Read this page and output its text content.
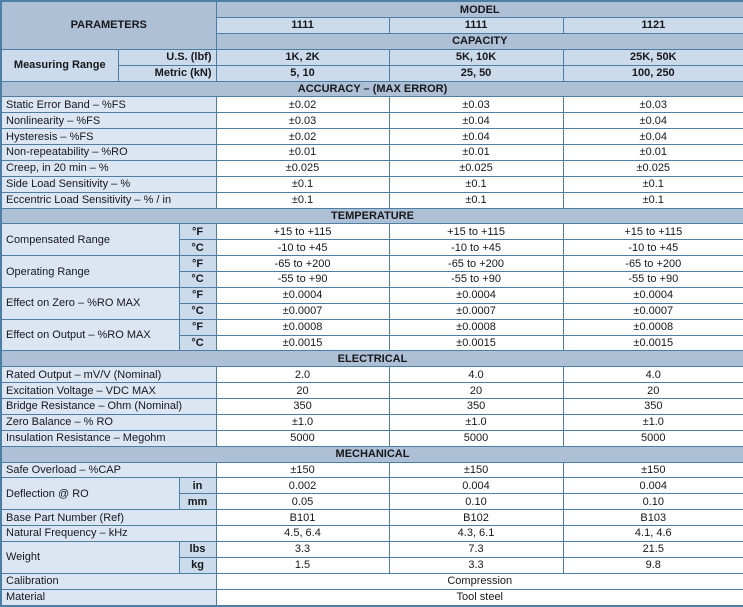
PARAMETERS			MODEL		
			1111	1111	1121
			CAPACITY		
Measuring Range	U.S. (lbf)		1K, 2K	5K, 10K	25K, 50K
	Metric (kN)		5, 10	25, 50	100, 250
ACCURACY – (MAX ERROR)					
Static Error Band – %FS			±0.02	±0.03	±0.03
Nonlinearity – %FS			±0.03	±0.04	±0.04
Hysteresis – %FS			±0.02	±0.04	±0.04
Non-repeatability – %RO			±0.01	±0.01	±0.01
Creep, in 20 min – %			±0.025	±0.025	±0.025
Side Load Sensitivity – %			±0.1	±0.1	±0.1
Eccentric Load Sensitivity – % / in			±0.1	±0.1	±0.1
TEMPERATURE					
Compensated Range		°F	+15 to +115	+15 to +115	+15 to +115
		°C	-10 to +45	-10 to +45	-10 to +45
Operating Range		°F	-65 to +200	-65 to +200	-65 to +200
		°C	-55 to +90	-55 to +90	-55 to +90
Effect on Zero – %RO MAX		°F	±0.0004	±0.0004	±0.0004
		°C	±0.0007	±0.0007	±0.0007
Effect on Output – %RO MAX		°F	±0.0008	±0.0008	±0.0008
		°C	±0.0015	±0.0015	±0.0015
ELECTRICAL					
Rated Output – mV/V (Nominal)			2.0	4.0	4.0
Excitation Voltage – VDC MAX			20	20	20
Bridge Resistance – Ohm (Nominal)			350	350	350
Zero Balance – % RO			±1.0	±1.0	±1.0
Insulation Resistance – Megohm			5000	5000	5000
MECHANICAL					
Safe Overload – %CAP			±150	±150	±150
Deflection @ RO		in	0.002	0.004	0.004
		mm	0.05	0.10	0.10
Base Part Number (Ref)			B101	B102	B103
Natural Frequency – kHz			4.5, 6.4	4.3, 6.1	4.1, 4.6
Weight		lbs	3.3	7.3	21.5
		kg	1.5	3.3	9.8
Calibration			Compression		
Material			Tool steel		
